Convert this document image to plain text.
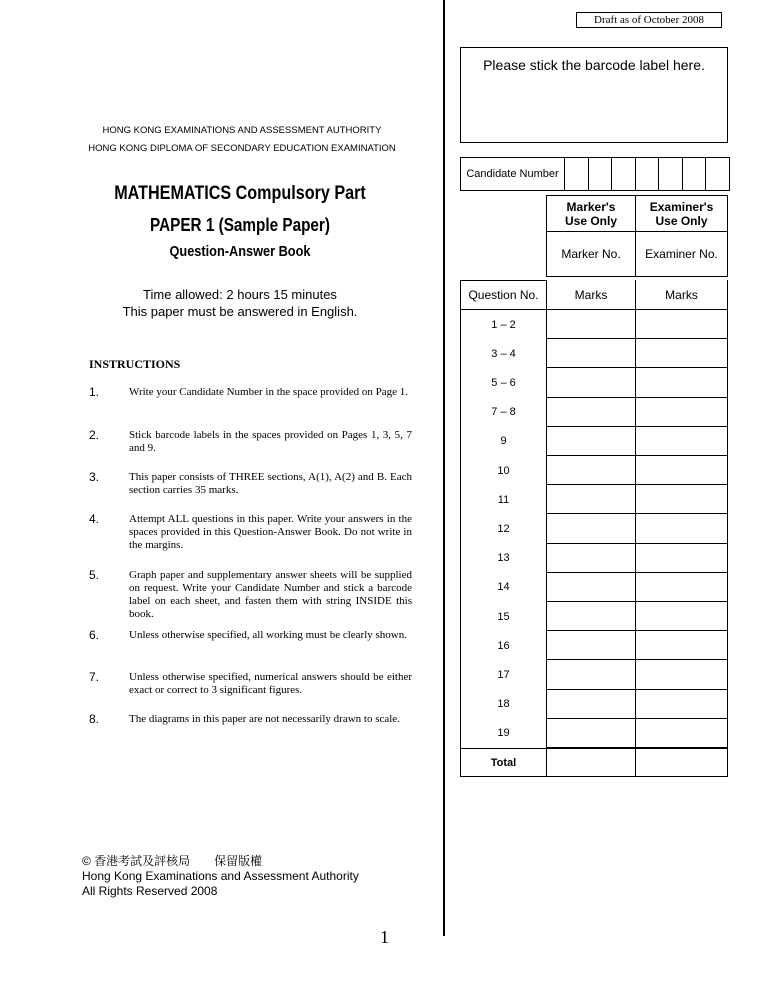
Draft as of October 2008
Please stick the barcode label here.
HONG KONG EXAMINATIONS AND ASSESSMENT AUTHORITY
HONG KONG DIPLOMA OF SECONDARY EDUCATION EXAMINATION
MATHEMATICS Compulsory Part
PAPER 1 (Sample Paper)
Question-Answer Book
Time allowed: 2 hours 15 minutes
This paper must be answered in English.
Candidate Number
Marker's Use Only
Examiner's Use Only
Marker No.	Examiner No.
Question No.	Marks	Marks
1 – 2
3 – 4
5 – 6
7 – 8
9
10
11
12
13
14
15
16
17
18
19
Total
INSTRUCTIONS
1.	Write your Candidate Number in the space provided on Page 1.
2.	Stick barcode labels in the spaces provided on Pages 1, 3, 5, 7 and 9.
3.	This paper consists of THREE sections, A(1), A(2) and B. Each section carries 35 marks.
4.	Attempt ALL questions in this paper. Write your answers in the spaces provided in this Question-Answer Book. Do not write in the margins.
5.	Graph paper and supplementary answer sheets will be supplied on request. Write your Candidate Number and stick a barcode label on each sheet, and fasten them with string INSIDE this book.
6.	Unless otherwise specified, all working must be clearly shown.
7.	Unless otherwise specified, numerical answers should be either exact or correct to 3 significant figures.
8.	The diagrams in this paper are not necessarily drawn to scale.
© 香港考試及評核局　　保留版權
Hong Kong Examinations and Assessment Authority
All Rights Reserved 2008
1
